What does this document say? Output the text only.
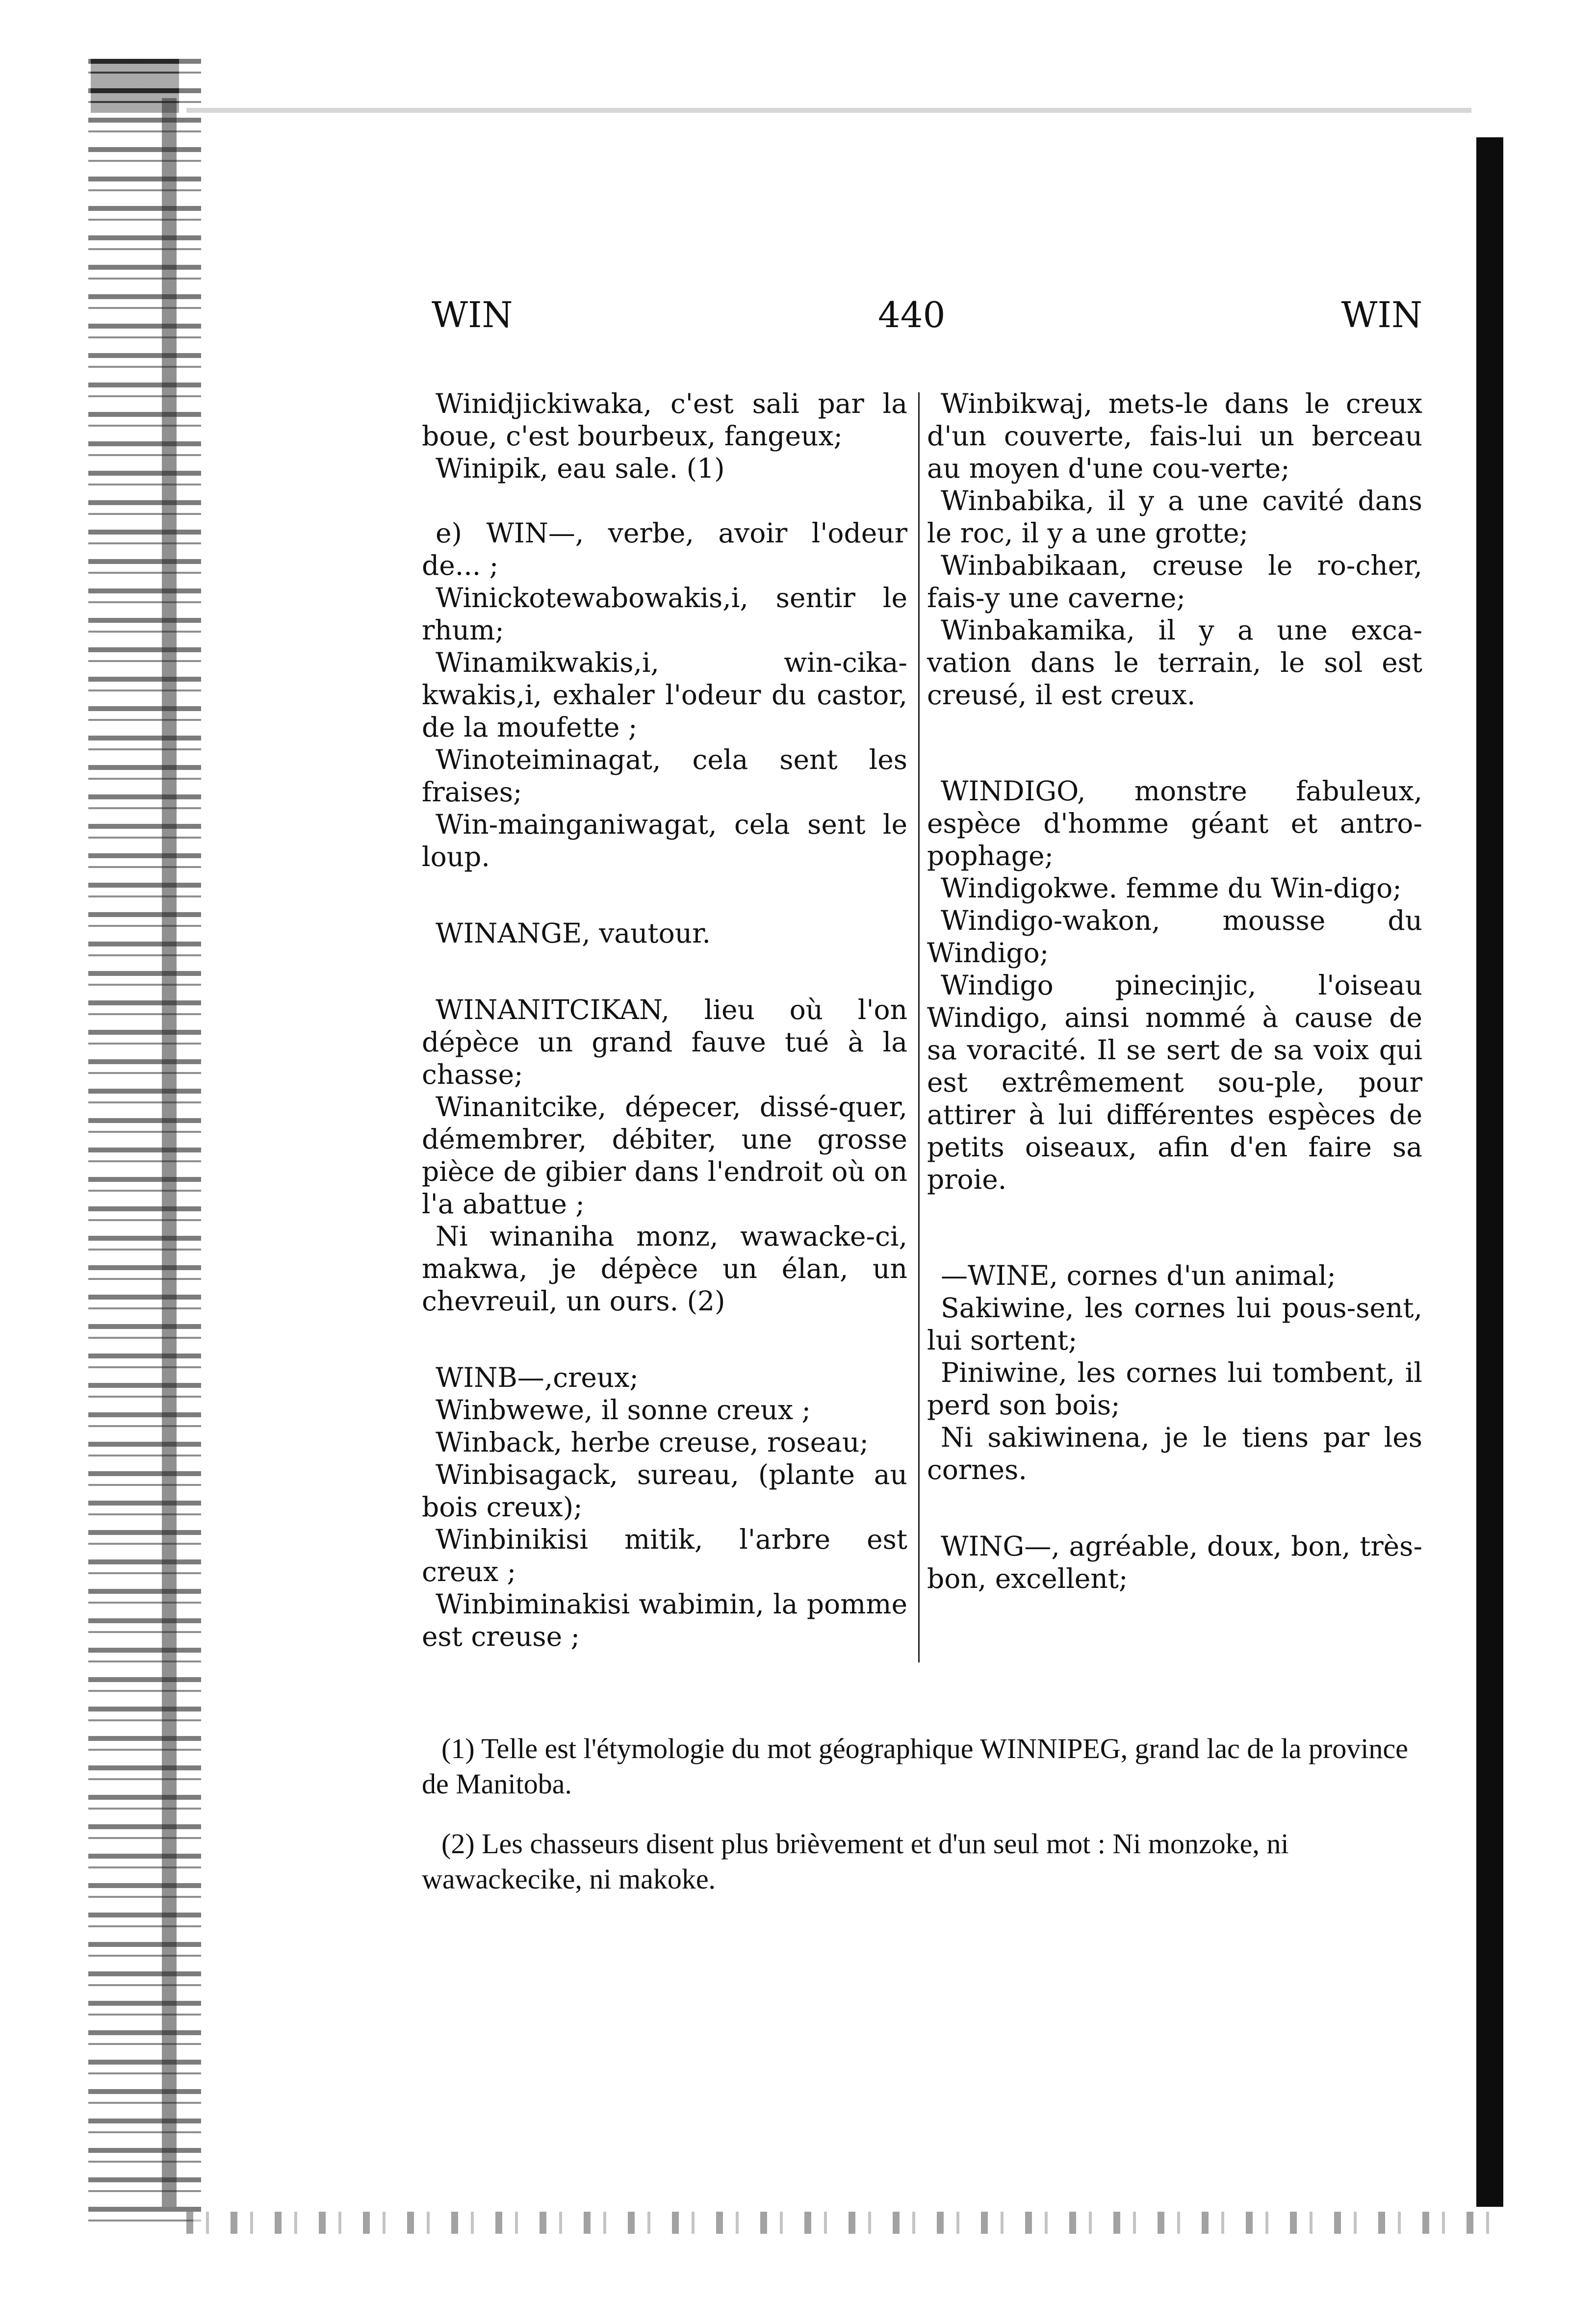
WIN	440	WIN

Winidjickiwaka, c'est sali par la boue, c'est bourbeux, fangeux;

Winipik, eau sale. (1)

e) WIN—, verbe, avoir l'odeur de... ;

Winickotewabowakis,i, sentir le rhum;

Winamikwakis,i, win-cika-kwakis,i, exhaler l'odeur du castor, de la moufette ;

Winoteiminagat, cela sent les fraises;

Win-mainganiwagat, cela sent le loup.

WINANGE, vautour.

WINANITCIKAN, lieu où l'on dépèce un grand fauve tué à la chasse;

Winanitcike, dépecer, dissé-quer, démembrer, débiter, une grosse pièce de gibier dans l'endroit où on l'a abattue ;

Ni winaniha monz, wawacke-ci, makwa, je dépèce un élan, un chevreuil, un ours. (2)

WINB—,creux;

Winbwewe, il sonne creux ;

Winback, herbe creuse, roseau;

Winbisagack, sureau, (plante au bois creux);

Winbinikisi mitik, l'arbre est creux ;

Winbiminakisi wabimin, la pomme est creuse ;

Winbikwaj, mets-le dans le creux d'un couverte, fais-lui un berceau au moyen d'une cou-verte;

Winbabika, il y a une cavité dans le roc, il y a une grotte;

Winbabikaan, creuse le ro-cher, fais-y une caverne;

Winbakamika, il y a une exca-vation dans le terrain, le sol est creusé, il est creux.

WINDIGO, monstre fabuleux, espèce d'homme géant et antro-pophage;

Windigokwe. femme du Win-digo;

Windigo-wakon, mousse du Windigo;

Windigo pinecinjic, l'oiseau Windigo, ainsi nommé à cause de sa voracité. Il se sert de sa voix qui est extrêmement sou-ple, pour attirer à lui différentes espèces de petits oiseaux, afin d'en faire sa proie.

—WINE, cornes d'un animal;

Sakiwine, les cornes lui pous-sent, lui sortent;

Piniwine, les cornes lui tombent, il perd son bois;

Ni sakiwinena, je le tiens par les cornes.

WING—, agréable, doux, bon, très-bon, excellent;

(1) Telle est l'étymologie du mot géographique WINNIPEG, grand lac de la province de Manitoba.

(2) Les chasseurs disent plus brièvement et d'un seul mot : Ni monzoke, ni wawackecike, ni makoke.
